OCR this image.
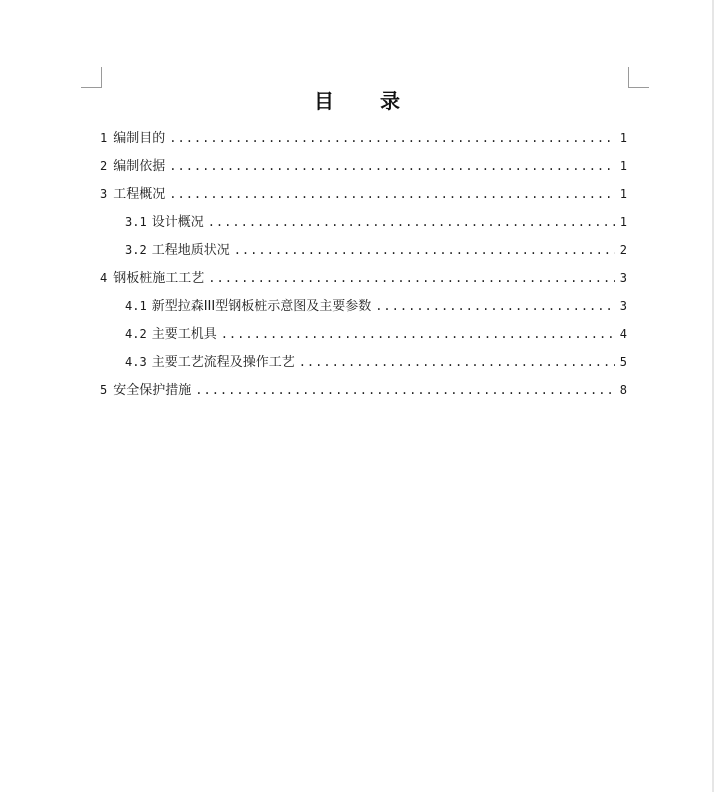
目录
1 编制目的 .....	1
2 编制依据 .....	1
3 工程概况 .....	1
3.1 设计概况 .....	1
3.2 工程地质状况 .....	2
4 钢板桩施工工艺 .....	3
4.1 新型拉森III型钢板桩示意图及主要参数 .....	3
4.2 主要工机具 .....	4
4.3 主要工艺流程及操作工艺 .....	5
5 安全保护措施 .....	8
